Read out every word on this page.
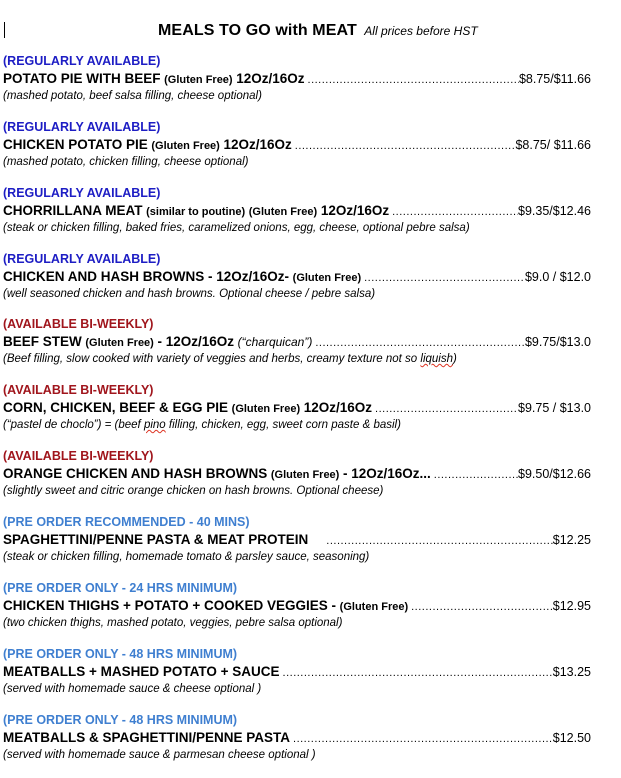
MEALS TO GO with MEAT All prices before HST
(REGULARLY AVAILABLE)
POTATO PIE WITH BEEF
(Gluten Free)
12Oz/16Oz .....	$8.75/$11.66
(mashed potato, beef salsa filling, cheese optional)
(REGULARLY AVAILABLE)
CHICKEN POTATO PIE
(Gluten Free)
12Oz/16Oz .....	$8.75/ $11.66
(mashed potato, chicken filling, cheese optional)
(REGULARLY AVAILABLE)
CHORRILLANA MEAT
(similar to poutine)
(Gluten Free)
12Oz/16Oz .....	$9.35/$12.46
(steak or chicken filling, baked fries, caramelized onions, egg, cheese, optional pebre salsa)
(REGULARLY AVAILABLE)
CHICKEN AND HASH BROWNS - 12Oz/16Oz-
(Gluten Free) .....	$9.0 / $12.0
(well seasoned chicken and hash browns. Optional cheese / pebre salsa)
(AVAILABLE BI-WEEKLY)
BEEF STEW
(Gluten Free)
- 12Oz/16Oz
(“charquican”) .....	$9.75/$13.0
(Beef filling, slow cooked with variety of veggies and herbs, creamy texture not so liquish)
(AVAILABLE BI-WEEKLY)
CORN, CHICKEN, BEEF & EGG PIE
(Gluten Free)
12Oz/16Oz .....	$9.75 / $13.0
(“pastel de choclo”) = (beef pino filling, chicken, egg, sweet corn paste & basil)
(AVAILABLE BI-WEEKLY)
ORANGE CHICKEN AND HASH BROWNS
(Gluten Free)
- 12Oz/16Oz... .....	$9.50/$12.66
(slightly sweet and citric orange chicken on hash browns. Optional cheese)
(PRE ORDER RECOMMENDED - 40 MINS)
SPAGHETTINI/PENNE PASTA & MEAT PROTEIN .....	$12.25
(steak or chicken filling, homemade tomato & parsley sauce, seasoning)
(PRE ORDER ONLY - 24 HRS MINIMUM)
CHICKEN THIGHS + POTATO + COOKED VEGGIES -
(Gluten Free) .....	$12.95
(two chicken thighs, mashed potato, veggies, pebre salsa optional)
(PRE ORDER ONLY - 48 HRS MINIMUM)
MEATBALLS + MASHED POTATO + SAUCE .....	$13.25
(served with homemade sauce & cheese optional )
(PRE ORDER ONLY - 48 HRS MINIMUM)
MEATBALLS & SPAGHETTINI/PENNE PASTA .....	$12.50
(served with homemade sauce & parmesan cheese optional )
